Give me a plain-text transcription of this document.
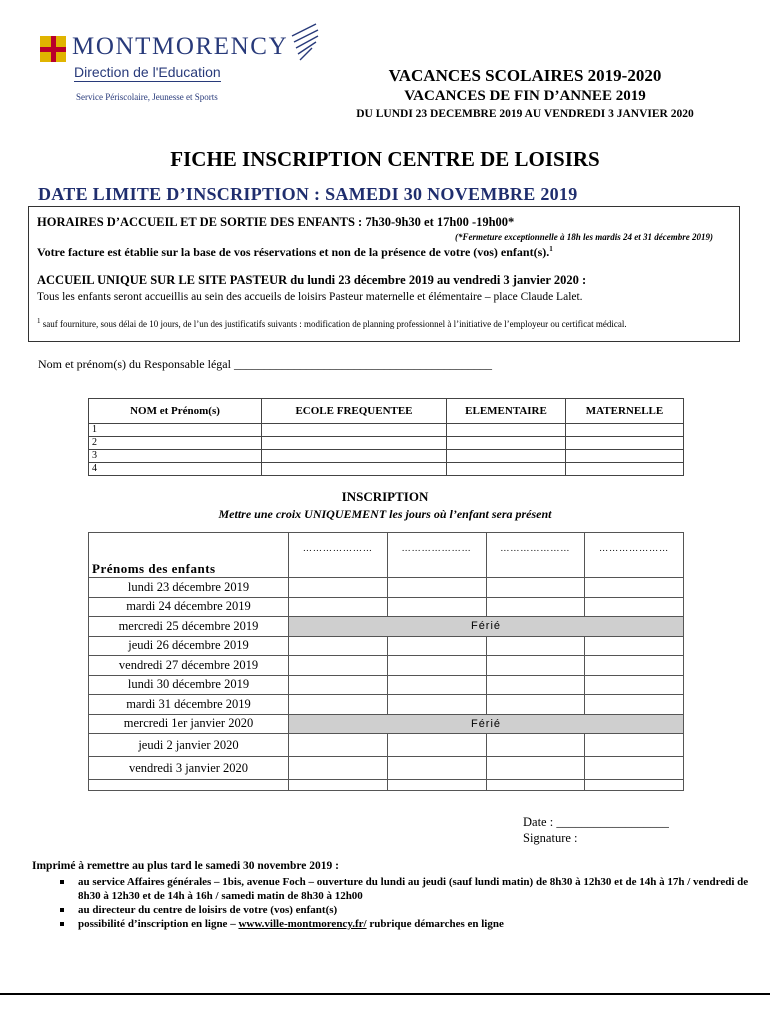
MONTMORENCY
Direction de l'Education
Service Périscolaire, Jeunesse et Sports
VACANCES SCOLAIRES 2019-2020
VACANCES DE FIN D’ANNEE 2019
DU LUNDI 23 DECEMBRE 2019 AU VENDREDI 3 JANVIER 2020
FICHE INSCRIPTION CENTRE DE LOISIRS
DATE LIMITE D’INSCRIPTION : SAMEDI 30 NOVEMBRE 2019
HORAIRES D’ACCUEIL ET DE SORTIE DES ENFANTS : 7h30-9h30 et 17h00 -19h00*
(*Fermeture exceptionnelle à 18h les mardis 24 et 31 décembre 2019)
Votre facture est établie sur la base de vos réservations et non de la présence de votre (vos) enfant(s).$^1$
ACCUEIL UNIQUE SUR LE SITE PASTEUR du lundi 23 décembre 2019 au vendredi 3 janvier 2020 :
Tous les enfants seront accueillis au sein des accueils de loisirs Pasteur maternelle et élémentaire – place Claude Lalet.
$^1$ sauf fourniture, sous délai de 10 jours, de l’un des justificatifs suivants : modification de planning professionnel à l’initiative de l’employeur ou certificat médical.
Nom et prénom(s) du Responsable légal ___________________________________________
NOM et Prénom(s)	ECOLE FREQUENTEE	ELEMENTAIRE	MATERNELLE
1			
2			
3			
4			
INSCRIPTION
Mettre une croix UNIQUEMENT les jours où l’enfant sera présent
Prénoms des enfants	…………………	…………………	…………………	…………………
lundi 23 décembre 2019				
mardi 24 décembre 2019				
mercredi 25 décembre 2019	Férié			
jeudi 26 décembre 2019				
vendredi 27 décembre 2019				
lundi 30 décembre 2019				
mardi 31 décembre 2019				
mercredi 1er janvier 2020	Férié			
jeudi 2 janvier 2020				
vendredi 3 janvier 2020				

Date : __________________
Signature :
Imprimé à remettre au plus tard le samedi 30 novembre 2019 :
au service Affaires générales – 1bis, avenue Foch – ouverture du lundi au jeudi (sauf lundi matin) de 8h30 à 12h30 et de 14h à 17h / vendredi de 8h30 à 12h30 et de 14h à 16h / samedi matin de 8h30 à 12h00
au directeur du centre de loisirs de votre (vos) enfant(s)
possibilité d’inscription en ligne – www.ville-montmorency.fr/ rubrique démarches en ligne
